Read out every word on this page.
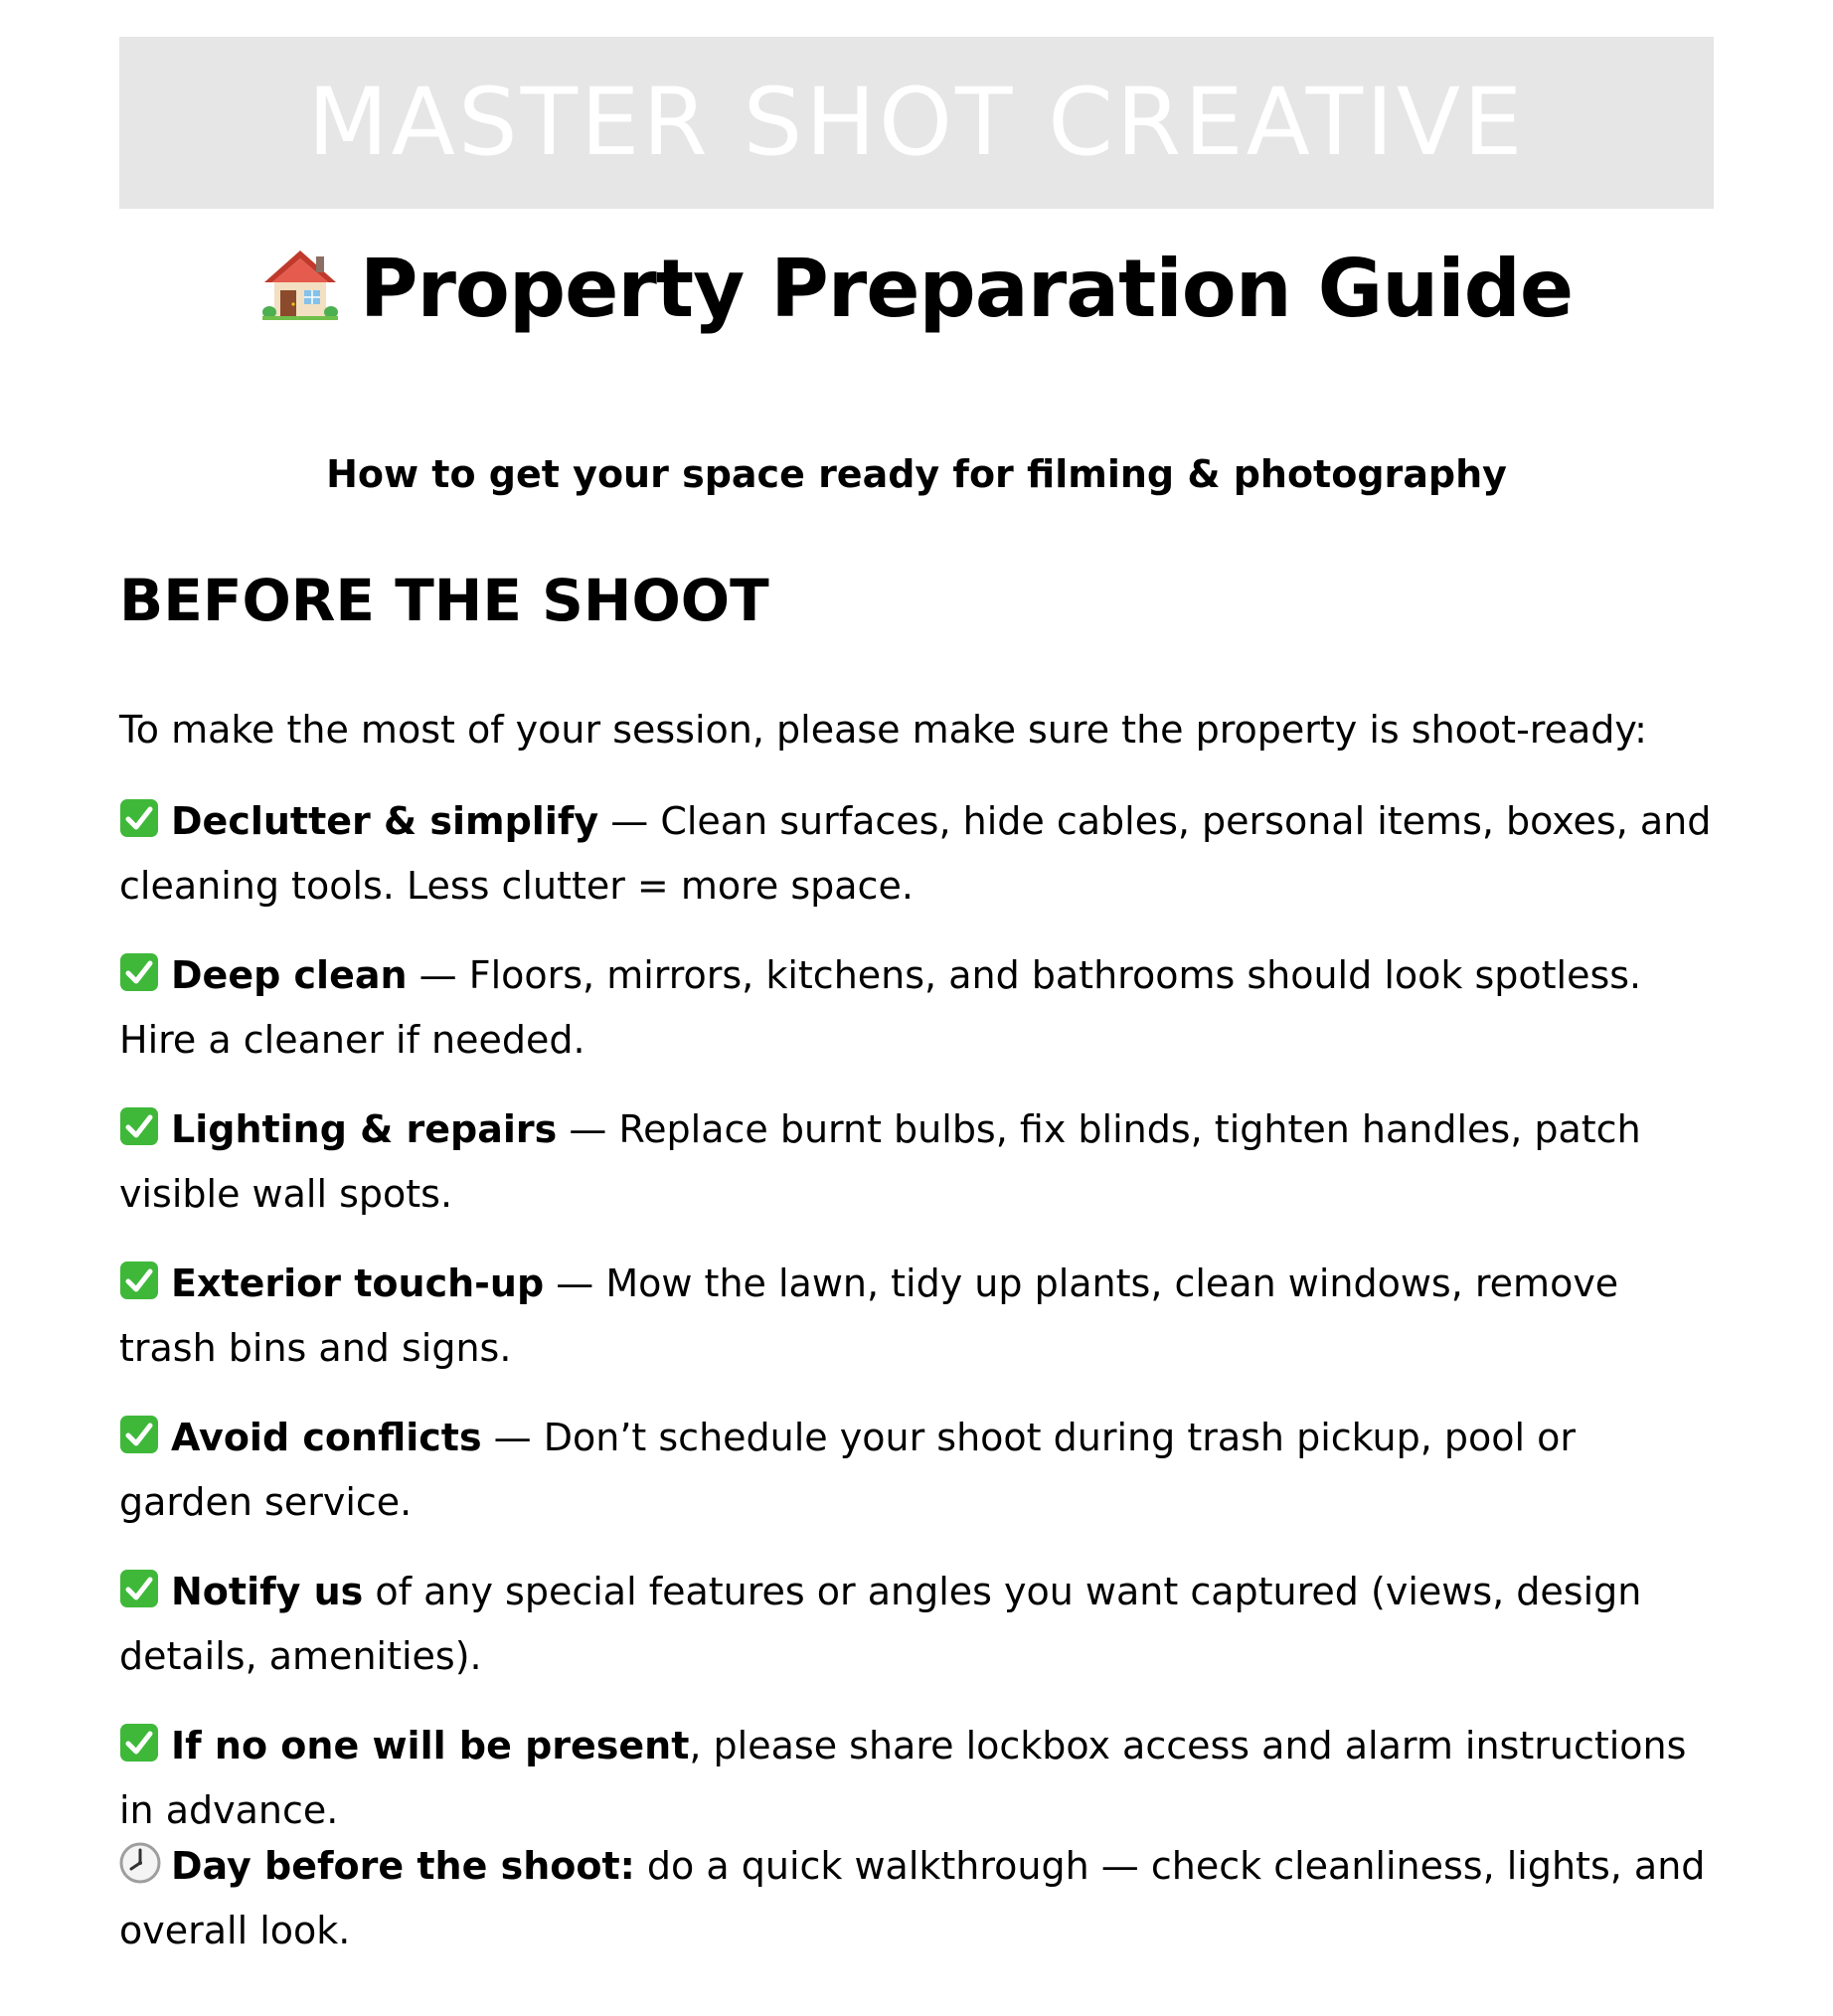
MASTER SHOT CREATIVE
Property Preparation Guide
How to get your space ready for filming & photography
BEFORE THE SHOOT
To make the most of your session, please make sure the property is shoot-ready:
Declutter & simplify — Clean surfaces, hide cables, personal items, boxes, and cleaning tools. Less clutter = more space.
Deep clean — Floors, mirrors, kitchens, and bathrooms should look spotless. Hire a cleaner if needed.
Lighting & repairs — Replace burnt bulbs, fix blinds, tighten handles, patch visible wall spots.
Exterior touch-up — Mow the lawn, tidy up plants, clean windows, remove trash bins and signs.
Avoid conflicts — Don’t schedule your shoot during trash pickup, pool or garden service.
Notify us of any special features or angles you want captured (views, design details, amenities).
If no one will be present, please share lockbox access and alarm instructions in advance.
Day before the shoot: do a quick walkthrough — check cleanliness, lights, and overall look.
